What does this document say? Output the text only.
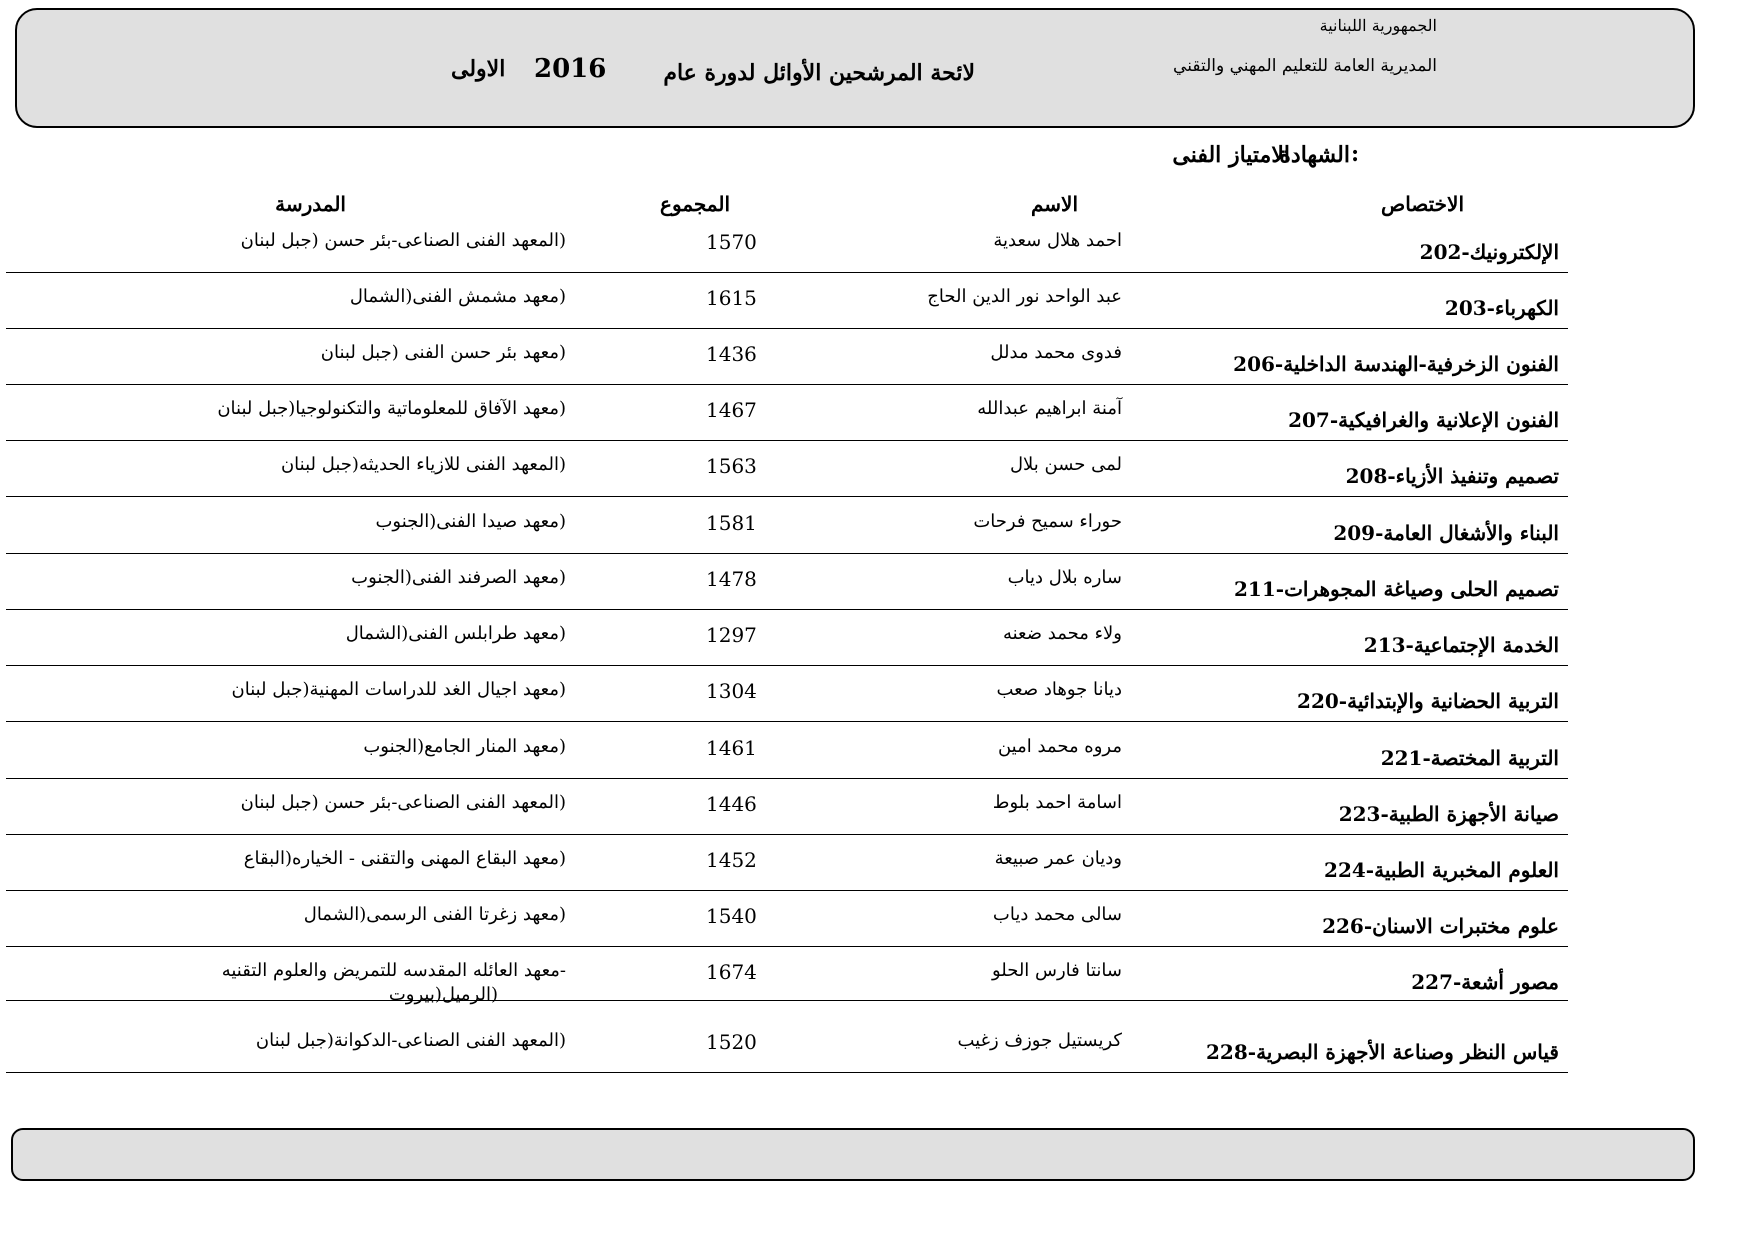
الجمهورية اللبنانية
المديرية العامة للتعليم المهني والتقني
لائحة المرشحين الأوائل لدورة عام
2016
الاولى
الشهادة :
الامتياز الفنى
الاختصاص
الاسم
المجموع
المدرسة
الإلكترونيك-202
احمد هلال سعدية
1570
(المعهد الفنى الصناعى-بئر حسن (جبل لبنان
الكهرباء-203
عبد الواحد نور الدين الحاج
1615
(معهد مشمش الفنى(الشمال
الفنون الزخرفية-الهندسة الداخلية-206
فدوى محمد مدلل
1436
(معهد بئر حسن الفنى (جبل لبنان
الفنون الإعلانية والغرافيكية-207
آمنة ابراهيم عبدالله
1467
(معهد الآفاق للمعلوماتية والتكنولوجيا(جبل لبنان
تصميم وتنفيذ الأزياء-208
لمى حسن بلال
1563
(المعهد الفنى للازياء الحديثه(جبل لبنان
البناء والأشغال العامة-209
حوراء سميح فرحات
1581
(معهد صيدا الفنى(الجنوب
تصميم الحلى وصياغة المجوهرات-211
ساره بلال دياب
1478
(معهد الصرفند الفنى(الجنوب
الخدمة الإجتماعية-213
ولاء محمد ضعنه
1297
(معهد طرابلس الفنى(الشمال
التربية الحضانية والإبتدائية-220
ديانا جوهاد صعب
1304
(معهد اجيال الغد للدراسات المهنية(جبل لبنان
التربية المختصة-221
مروه محمد امين
1461
(معهد المنار الجامع(الجنوب
صيانة الأجهزة الطبية-223
اسامة احمد بلوط
1446
(المعهد الفنى الصناعى-بئر حسن (جبل لبنان
العلوم المخبرية الطبية-224
وديان عمر صبيعة
1452
(معهد البقاع المهنى والتقنى - الخياره(البقاع
علوم مختبرات الاسنان-226
سالى محمد دياب
1540
(معهد زغرتا الفنى الرسمى(الشمال
مصور أشعة-227
سانتا فارس الحلو
1674
-معهد العائله المقدسه للتمريض والعلوم التقنيه
(الرميل(بيروت
قياس النظر وصناعة الأجهزة البصرية-228
كريستيل جوزف زغيب
1520
(المعهد الفنى الصناعى-الدكوانة(جبل لبنان
